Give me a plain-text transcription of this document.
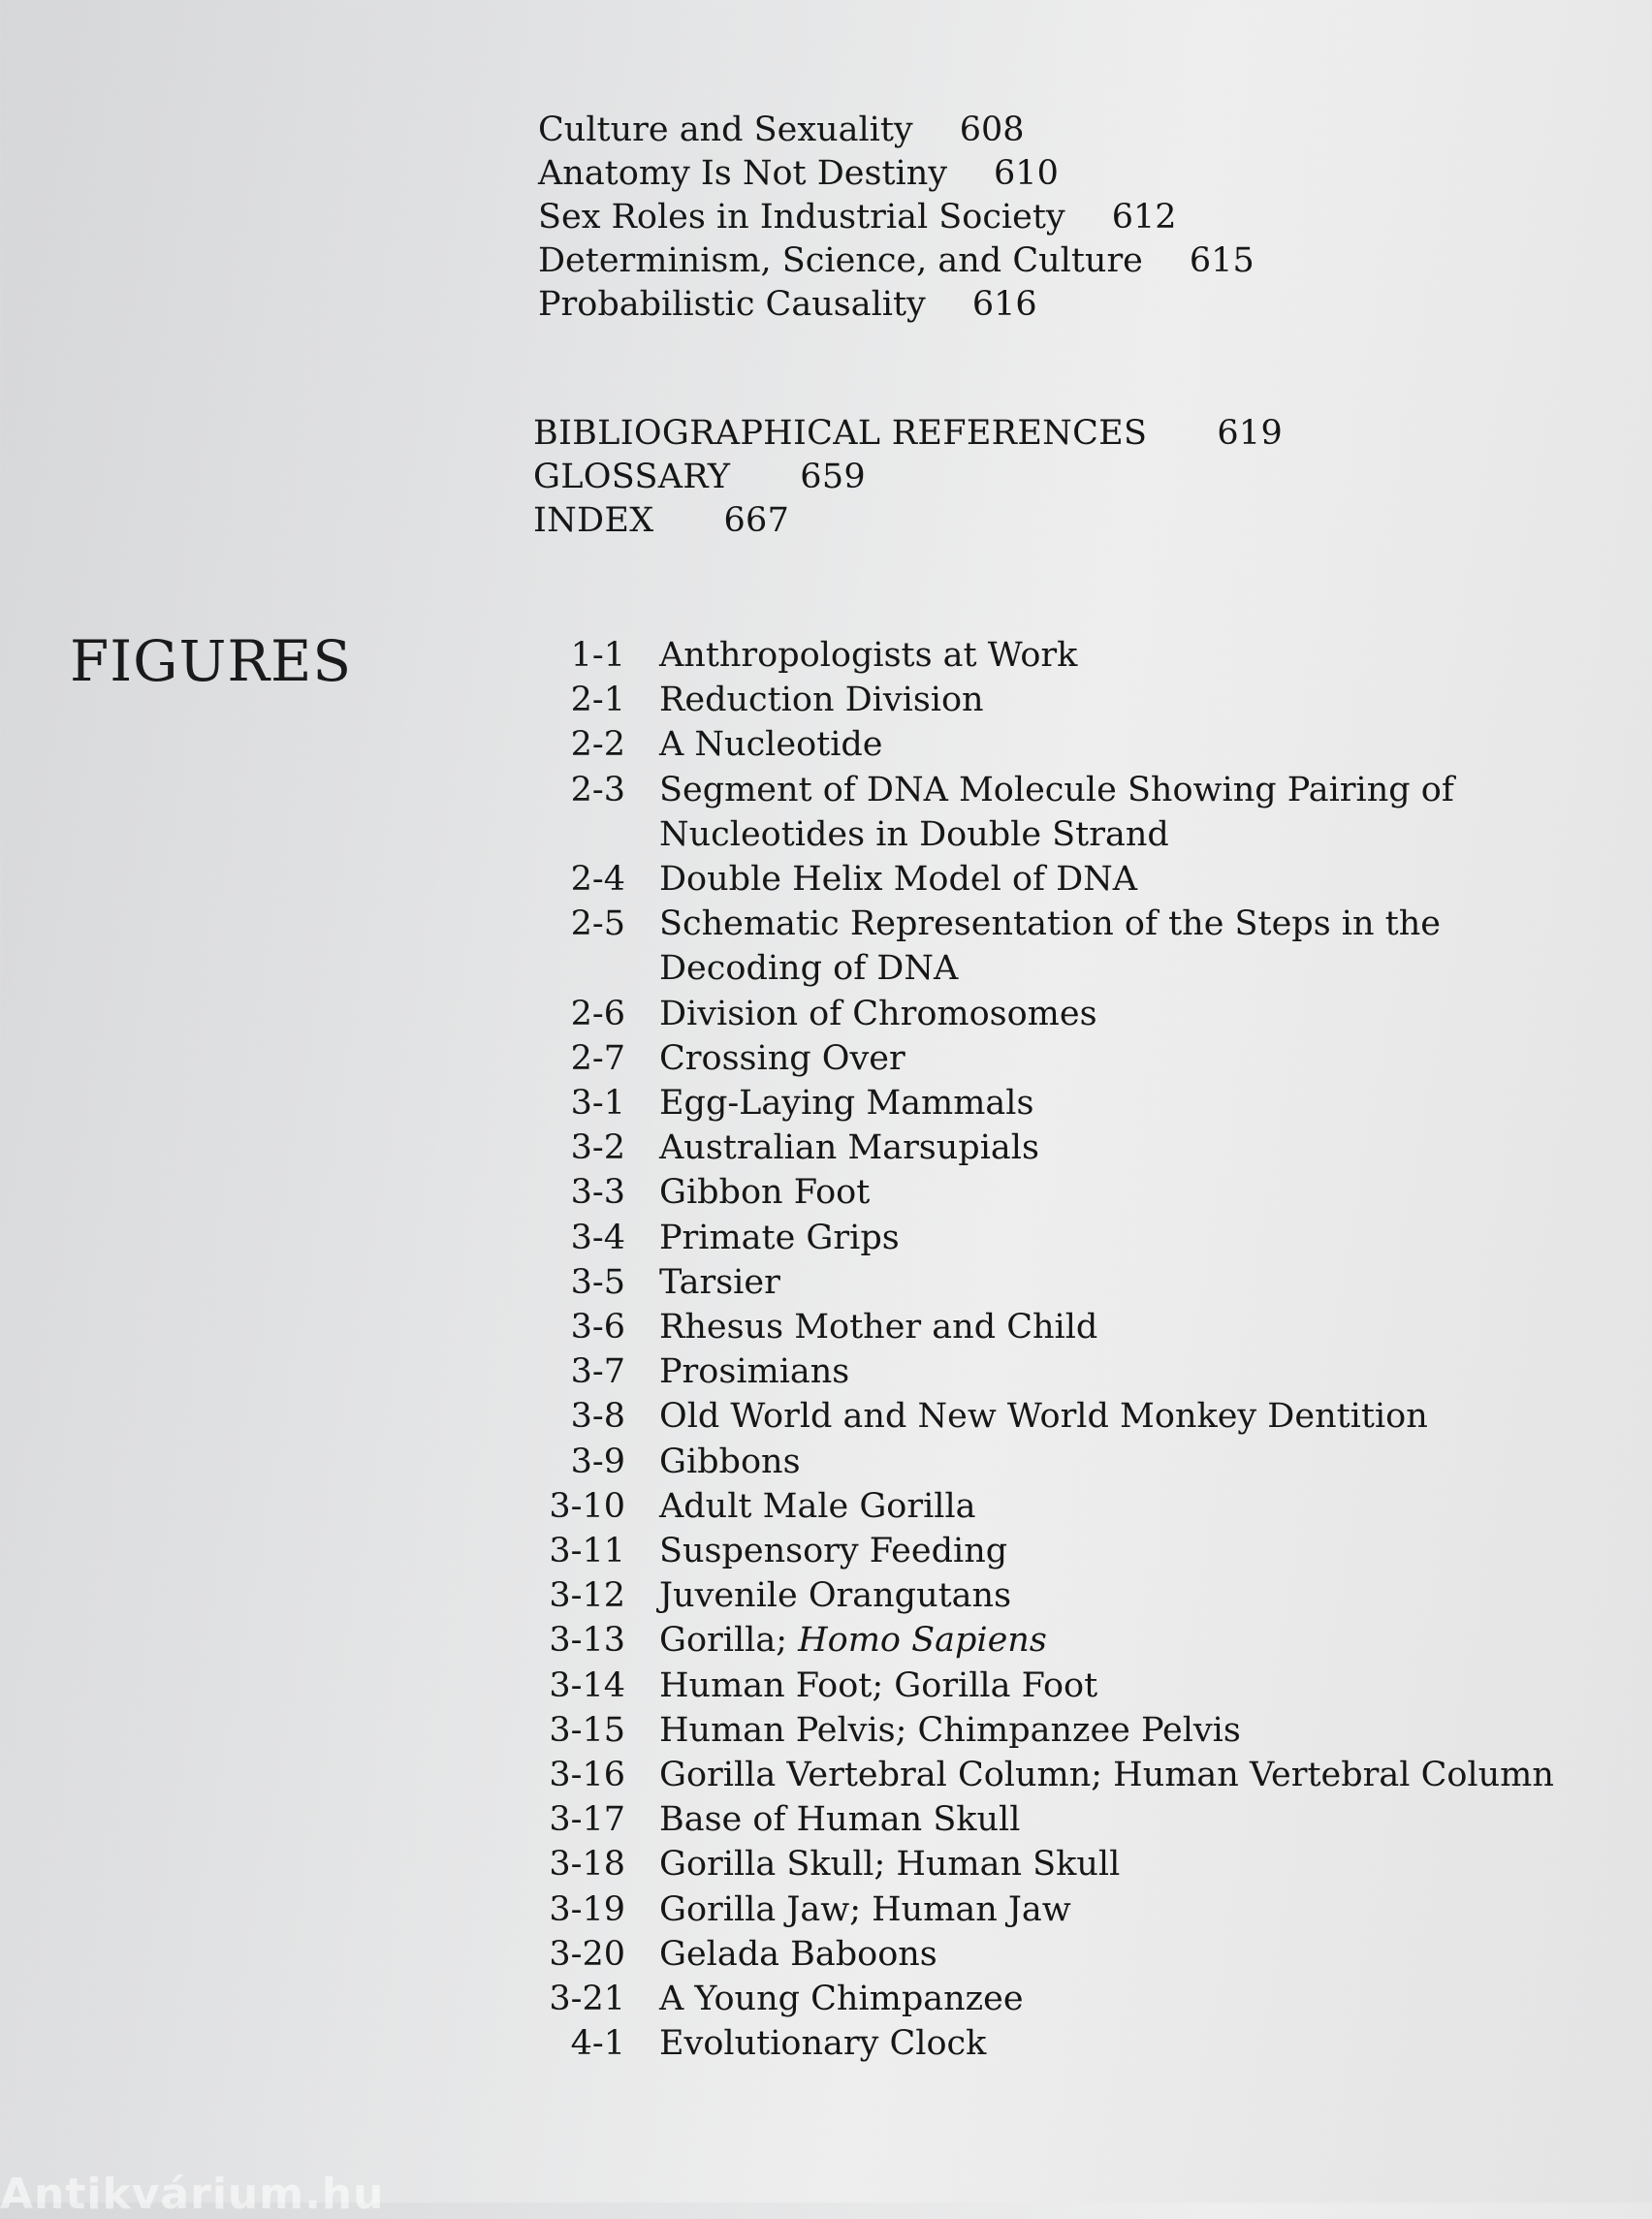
Culture and Sexuality 608
Anatomy Is Not Destiny 610
Sex Roles in Industrial Society 612
Determinism, Science, and Culture 615
Probabilistic Causality 616
BIBLIOGRAPHICAL REFERENCES 619
GLOSSARY 659
INDEX 667
FIGURES	1-1 Anthropologists at Work
2-1 Reduction Division
2-2 A Nucleotide
2-3 Segment of DNA Molecule Showing Pairing of Nucleotides in Double Strand
2-4 Double Helix Model of DNA
2-5 Schematic Representation of the Steps in the Decoding of DNA
2-6 Division of Chromosomes
2-7 Crossing Over
3-1 Egg-Laying Mammals
3-2 Australian Marsupials
3-3 Gibbon Foot
3-4 Primate Grips
3-5 Tarsier
3-6 Rhesus Mother and Child
3-7 Prosimians
3-8 Old World and New World Monkey Dentition
3-9 Gibbons
3-10 Adult Male Gorilla
3-11 Suspensory Feeding
3-12 Juvenile Orangutans
3-13 Gorilla; Homo Sapiens
3-14 Human Foot; Gorilla Foot
3-15 Human Pelvis; Chimpanzee Pelvis
3-16 Gorilla Vertebral Column; Human Vertebral Column
3-17 Base of Human Skull
3-18 Gorilla Skull; Human Skull
3-19 Gorilla Jaw; Human Jaw
3-20 Gelada Baboons
3-21 A Young Chimpanzee
4-1 Evolutionary Clock
Antikvárium.hu
